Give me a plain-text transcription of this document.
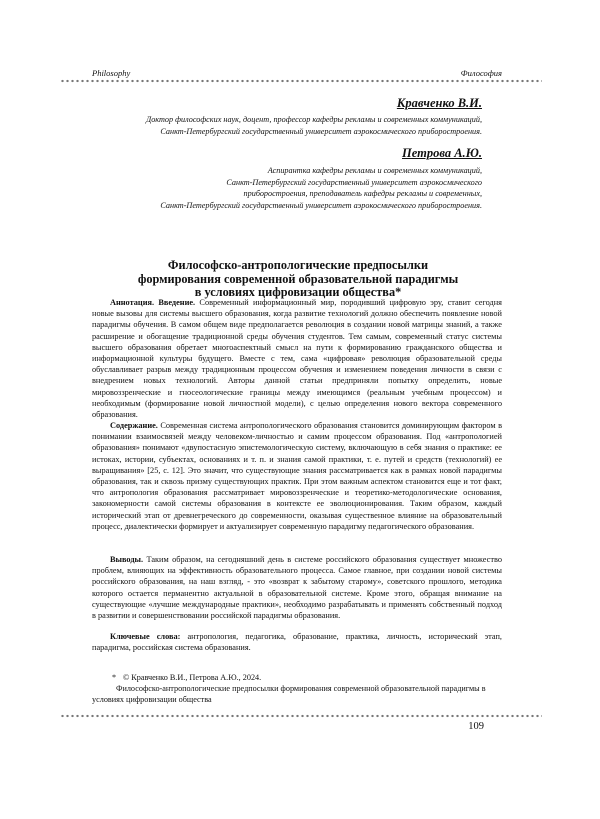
Philosophy	Философия
Кравченко В.И.
Доктор философских наук, доцент, профессор кафедры рекламы и современных коммуникаций,
Санкт-Петербургский государственный университет аэрокосмического приборостроения.
Петрова А.Ю.
Аспирантка кафедры рекламы и современных коммуникаций,
Санкт-Петербургский государственный университет аэрокосмического
приборостроения, преподаватель кафедры рекламы и современных,
Санкт-Петербургский государственный университет аэрокосмического приборостроения.
Философско-антропологические предпосылки
формирования современной образовательной парадигмы
в условиях цифровизации общества*

Аннотация. Введение. Современный информационный мир, породивший цифровую эру, ставит сегодня новые вызовы для системы высшего образования, когда развитие технологий должно обеспечить появление новой парадигмы обучения. В самом общем виде предполагается революция в создании новой матрицы знаний, а также расширение и обогащение традиционной среды обучения студентов. Тем самым, современный статус системы высшего образования обретает многоаспектный смысл на пути к формированию гражданского общества и информационной культуры будущего. Вместе с тем, сама «цифровая» революция образовательной среды обуславливает разрыв между традиционным процессом обучения и изменением поведения личности в связи с внедрением новых технологий. Авторы данной статьи предприняли попытку определить, новые мировоззренческие и гносеологические границы между имеющимся (реальным учебным процессом) и необходимым (формирование новой личностной модели), с целью определения нового вектора современного образования.

Содержание. Современная система антропологического образования становится доминирующим фактором в понимании взаимосвязей между человеком-личностью и самим процессом образования. Под «антропологией образования» понимают «двупостасную эпистемологическую систему, включающую в себя знания о практике: ее истоках, истории, субъектах, основаниях и т. п. и знания самой практики, т. е. путей и средств (технологий) ее выращивания» [25, с. 12]. Это значит, что существующие знания рассматривается как в рамках новой парадигмы образования, так и сквозь призму существующих практик. При этом важным аспектом становится еще и тот факт, что антропология образования рассматривает мировоззренческие и теоретико-методологические основания, закономерности самой системы образования в контексте ее эволюционирования. Таким образом, каждый исторический этап от древнегреческого до современности, оказывая существенное влияние на образовательный процесс, диалектически формирует и актуализирует современную парадигму педагогического образования.

Выводы. Таким образом, на сегодняшний день в системе российского образования существует множество проблем, влияющих на эффективность образовательного процесса. Самое главное, при создании новой системы российского образования, на наш взгляд, - это «возврат к забытому старому», советского прошлого, методика которого остается перманентно актуальной в образовательной системе. Кроме этого, обращая внимание на существующие «лучшие международные практики», необходимо разрабатывать и применять собственный подход в развитии и совершенствовании российской парадигмы образования.

Ключевые слова: антропология, педагогика, образование, практика, личность, исторический этап, парадигма, российская система образования.

* © Кравченко В.И., Петрова А.Ю., 2024.
Философско-антропологические предпосылки формирования современной образовательной парадигмы в условиях цифровизации общества
109
